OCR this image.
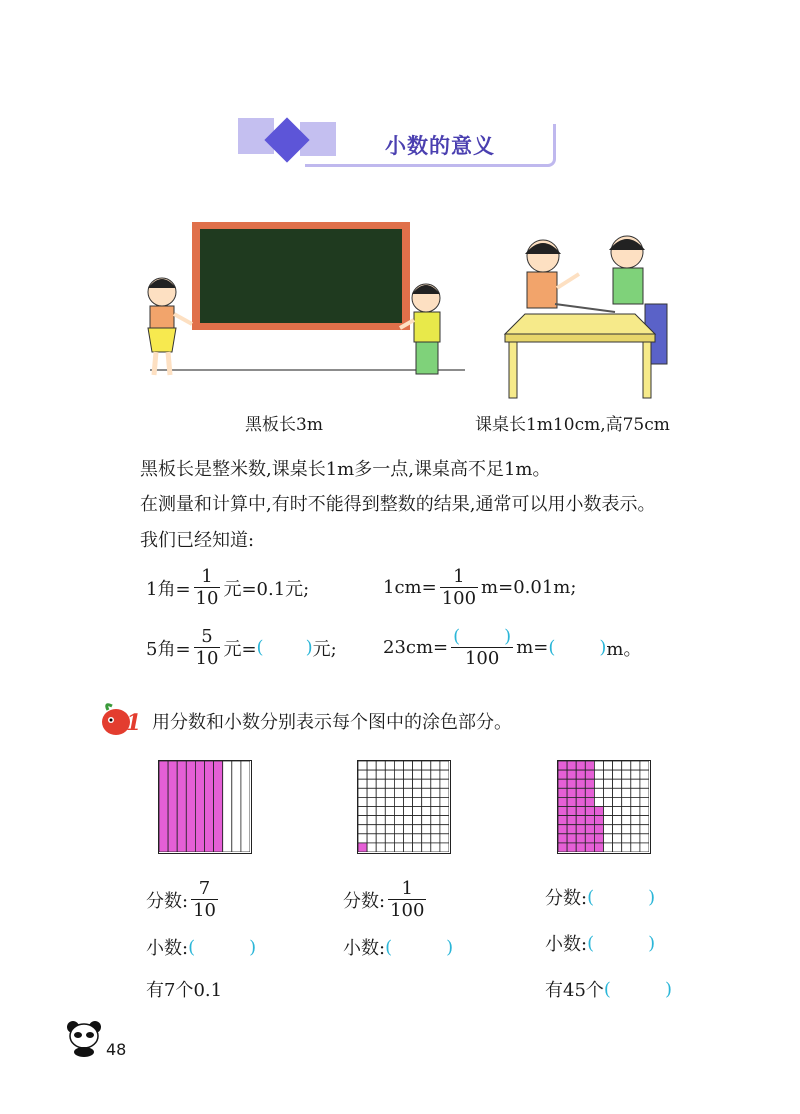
小数的意义
黑板长3m	课桌长1m10cm,高75cm
黑板长是整米数,课桌长1m多一点,课桌高不足1m。
在测量和计算中,有时不能得到整数的结果,通常可以用小数表示。
我们已经知道:
1角= $\frac{1}{10}$ 元=0.1元;	$1cm= \frac{1}{100} m=0.01m$;
5角= $\frac{5}{10}$ 元= ( ) 元;	$23cm= \frac{( )}{100} m=$ ( ) m。
1 用分数和小数分别表示每个图中的涂色部分。
分数: $\frac{7}{10}$
小数: (	)
有7个0.1
分数: $\frac{1}{100}$
小数: (	)
分数: (	)
小数: (	)
有45个 (	)
48
